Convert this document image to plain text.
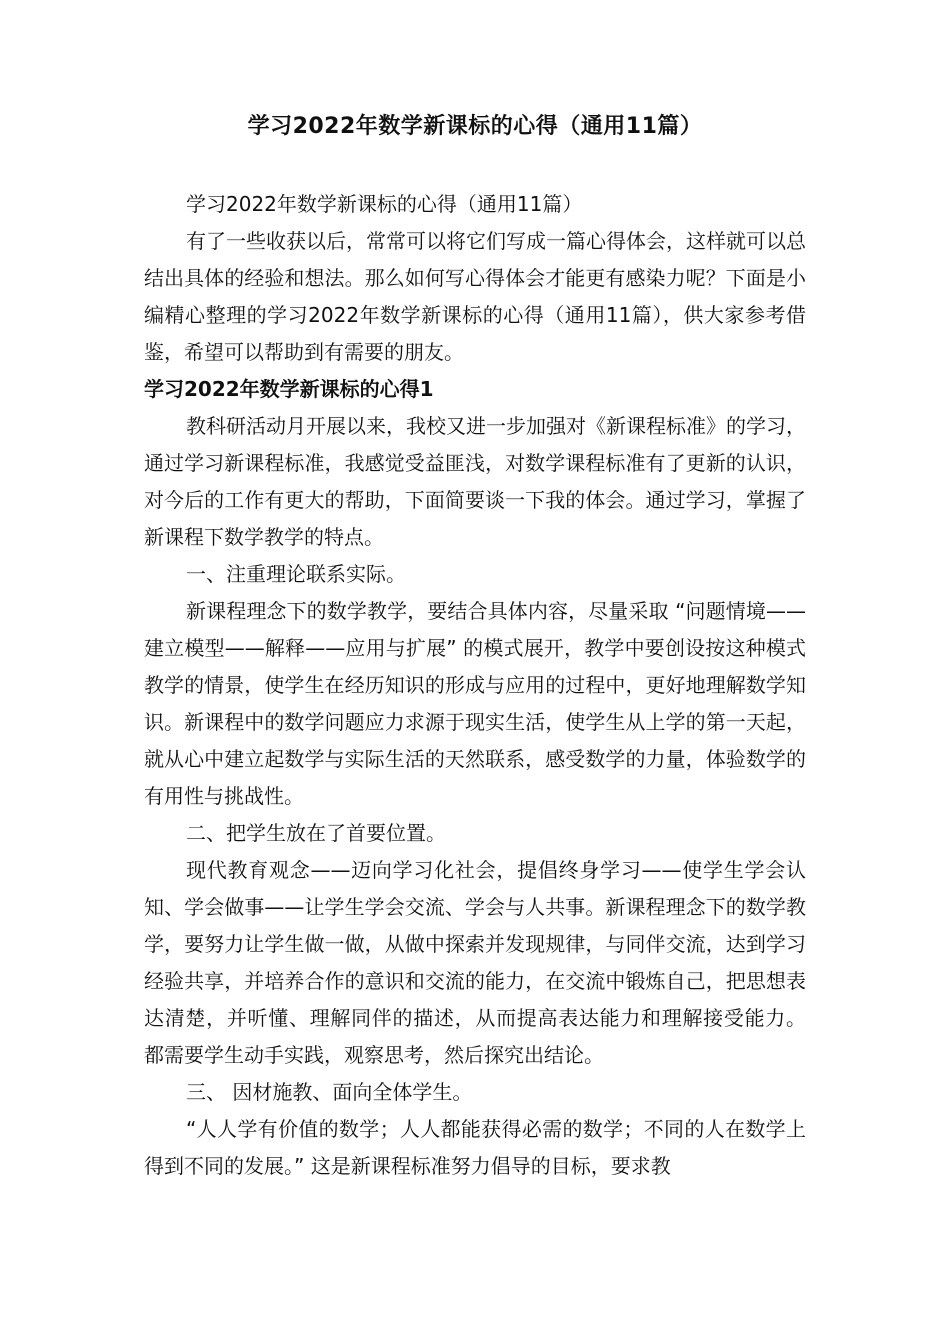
学习2022年数学新课标的心得（通用11篇）

学习2022年数学新课标的心得（通用11篇）

有了一些收获以后，常常可以将它们写成一篇心得体会，这样就可以总结出具体的经验和想法。那么如何写心得体会才能更有感染力呢？下面是小编精心整理的学习2022年数学新课标的心得（通用11篇），供大家参考借鉴，希望可以帮助到有需要的朋友。

学习2022年数学新课标的心得1

教科研活动月开展以来，我校又进一步加强对《新课程标准》的学习，通过学习新课程标准，我感觉受益匪浅，对数学课程标准有了更新的认识，对今后的工作有更大的帮助，下面简要谈一下我的体会。通过学习，掌握了新课程下数学教学的特点。

一、注重理论联系实际。

新课程理念下的数学教学，要结合具体内容，尽量采取 “问题情境——建立模型——解释——应用与扩展” 的模式展开，教学中要创设按这种模式教学的情景，使学生在经历知识的形成与应用的过程中，更好地理解数学知识。新课程中的数学问题应力求源于现实生活，使学生从上学的第一天起，就从心中建立起数学与实际生活的天然联系，感受数学的力量，体验数学的有用性与挑战性。

二、把学生放在了首要位置。

现代教育观念——迈向学习化社会，提倡终身学习——使学生学会认知、学会做事——让学生学会交流、学会与人共事。新课程理念下的数学教学，要努力让学生做一做，从做中探索并发现规律，与同伴交流，达到学习经验共享，并培养合作的意识和交流的能力，在交流中锻炼自己，把思想表达清楚，并听懂、理解同伴的描述，从而提高表达能力和理解接受能力。 都需要学生动手实践，观察思考，然后探究出结论。

三、 因材施教、面向全体学生。

“人人学有价值的数学；人人都能获得必需的数学；不同的人在数学上得到不同的发展。” 这是新课程标准努力倡导的目标，要求教
